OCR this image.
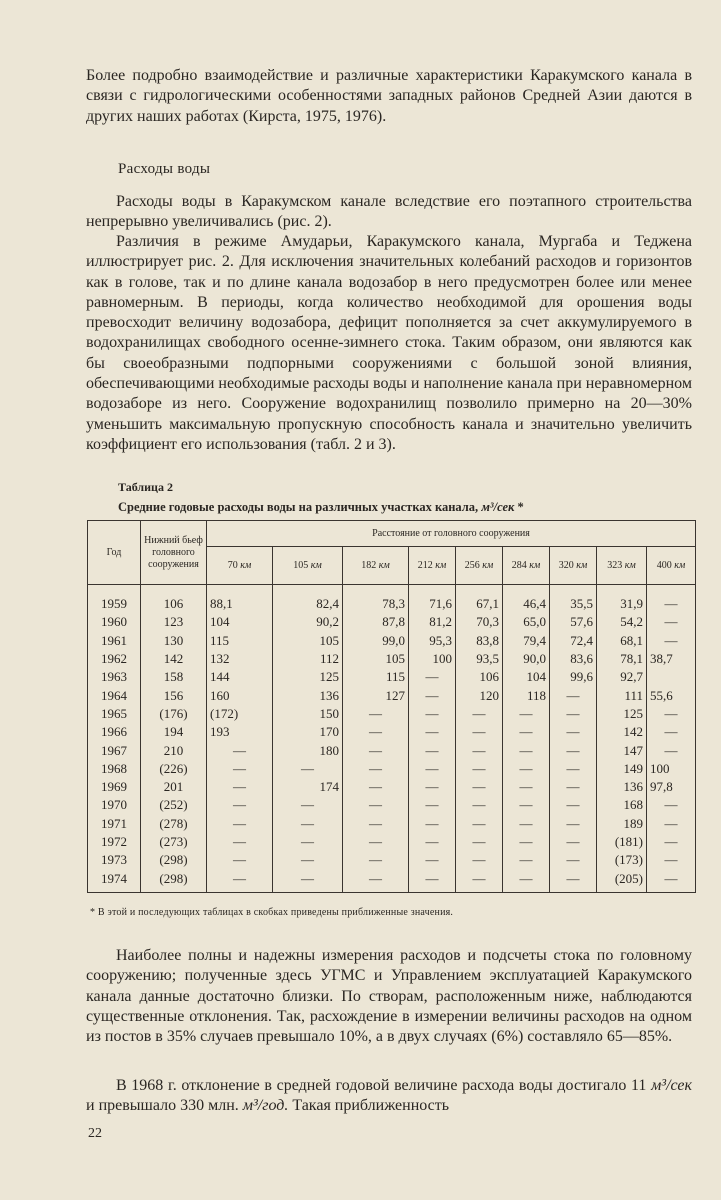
Более подробно взаимодействие и различные характеристики Каракумского канала в связи с гидрологическими особенностями западных районов Средней Азии даются в других наших работах (Кирста, 1975, 1976).

Расходы воды

Расходы воды в Каракумском канале вследствие его поэтапного строительства непрерывно увеличивались (рис. 2).

Различия в режиме Амударьи, Каракумского канала, Мургаба и Теджена иллюстрирует рис. 2. Для исключения значительных колебаний расходов и горизонтов как в голове, так и по длине канала водозабор в него предусмотрен более или менее равномерным. В периоды, когда количество необходимой для орошения воды превосходит величину водозабора, дефицит пополняется за счет аккумулируемого в водохранилищах свободного осенне-зимнего стока. Таким образом, они являются как бы своеобразными подпорными сооружениями с большой зоной влияния, обеспечивающими необходимые расходы воды и наполнение канала при неравномерном водозаборе из него. Сооружение водохранилищ позволило примерно на 20—30% уменьшить максимальную пропускную способность канала и значительно увеличить коэффициент его использования (табл. 2 и 3).

Таблица 2

Средние годовые расходы воды на различных участках канала, м³/сек *

Год	Нижний бьеф головного сооружения	Расстояние от головного сооружения								
		70 км	105 км	182 км	212 км	256 км	284 км	320 км	323 км	400 км
1959	106	88,1	82,4	78,3	71,6	67,1	46,4	35,5	31,9	—
1960	123	104	90,2	87,8	81,2	70,3	65,0	57,6	54,2	—
1961	130	115	105	99,0	95,3	83,8	79,4	72,4	68,1	—
1962	142	132	112	105	100	93,5	90,0	83,6	78,1	38,7
1963	158	144	125	115	—	106	104	99,6	92,7	
1964	156	160	136	127	—	120	118	—	111	55,6
1965	(176)	(172)	150	—	—	—	—	—	125	—
1966	194	193	170	—	—	—	—	—	142	—
1967	210	—	180	—	—	—	—	—	147	—
1968	(226)	—	—	—	—	—	—	—	149	100
1969	201	—	174	—	—	—	—	—	136	97,8
1970	(252)	—	—	—	—	—	—	—	168	—
1971	(278)	—	—	—	—	—	—	—	189	—
1972	(273)	—	—	—	—	—	—	—	(181)	—
1973	(298)	—	—	—	—	—	—	—	(173)	—
1974	(298)	—	—	—	—	—	—	—	(205)	—

* В этой и последующих таблицах в скобках приведены приближенные значения.

Наиболее полны и надежны измерения расходов и подсчеты стока по головному сооружению; полученные здесь УГМС и Управлением эксплуатацией Каракумского канала данные достаточно близки. По створам, расположенным ниже, наблюдаются существенные отклонения. Так, расхождение в измерении величины расходов на одном из постов в 35% случаев превышало 10%, а в двух случаях (6%) составляло 65—85%.

В 1968 г. отклонение в средней годовой величине расхода воды достигало 11 м³/сек и превышало 330 млн. м³/год. Такая приближенность

22
